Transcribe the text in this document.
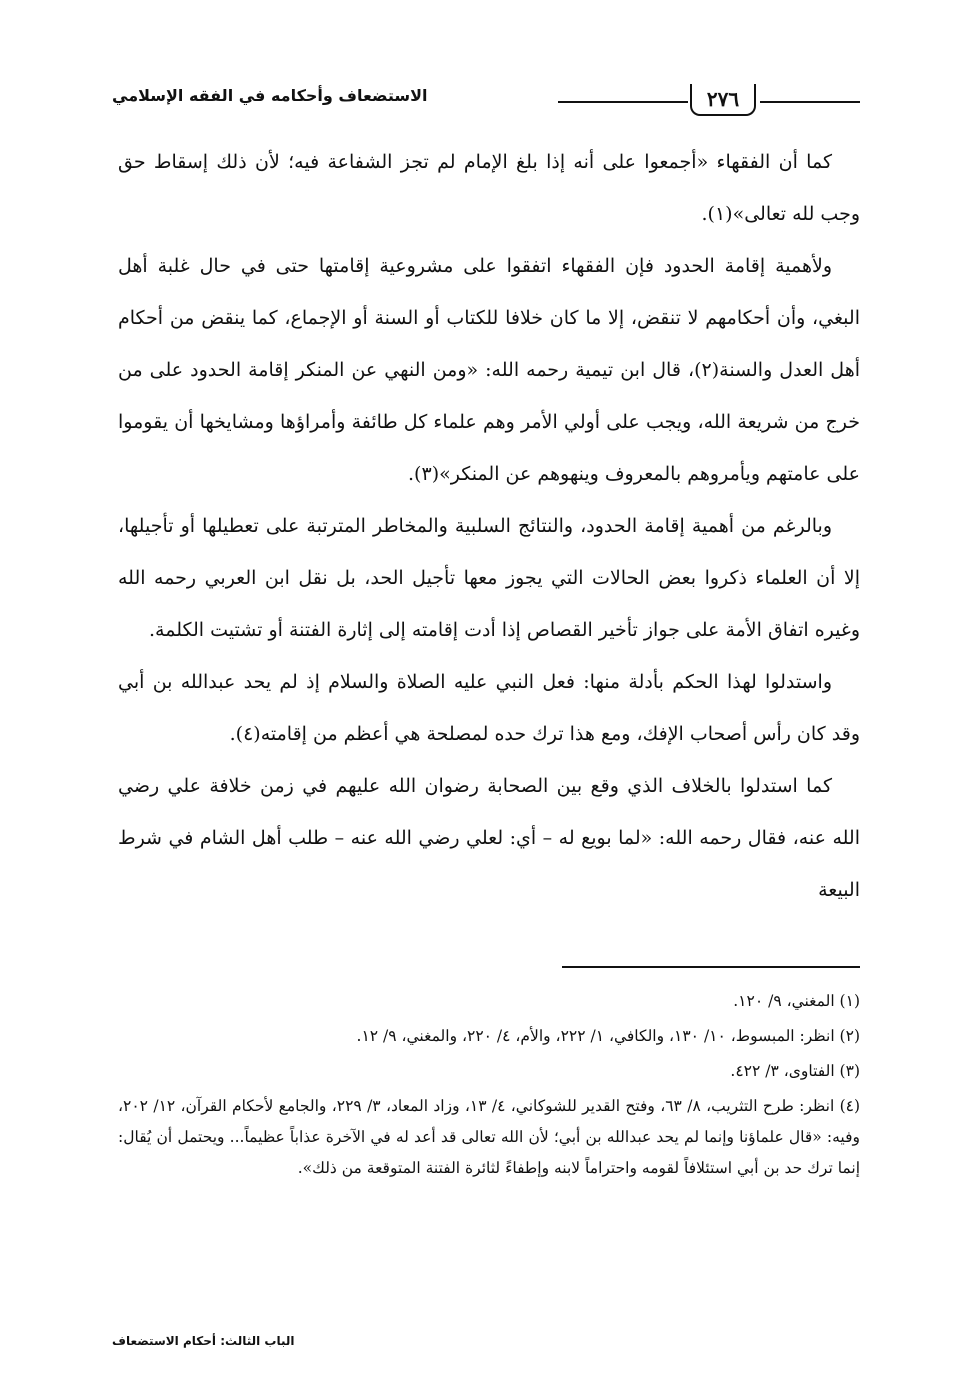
٢٧٦
الاستضعاف وأحكامه في الفقه الإسلامي

كما أن الفقهاء «أجمعوا على أنه إذا بلغ الإمام لم تجز الشفاعة فيه؛ لأن ذلك إسقاط حق وجب لله تعالى»(١).

ولأهمية إقامة الحدود فإن الفقهاء اتفقوا على مشروعية إقامتها حتى في حال غلبة أهل البغي، وأن أحكامهم لا تنقض، إلا ما كان خلافا للكتاب أو السنة أو الإجماع، كما ينقض من أحكام أهل العدل والسنة(٢)، قال ابن تيمية رحمه الله: «ومن النهي عن المنكر إقامة الحدود على من خرج من شريعة الله، ويجب على أولي الأمر وهم علماء كل طائفة وأمراؤها ومشايخها أن يقوموا على عامتهم ويأمروهم بالمعروف وينهوهم عن المنكر»(٣).

وبالرغم من أهمية إقامة الحدود، والنتائج السلبية والمخاطر المترتبة على تعطيلها أو تأجيلها، إلا أن العلماء ذكروا بعض الحالات التي يجوز معها تأجيل الحد، بل نقل ابن العربي رحمه الله وغيره اتفاق الأمة على جواز تأخير القصاص إذا أدت إقامته إلى إثارة الفتنة أو تشتيت الكلمة.

واستدلوا لهذا الحكم بأدلة منها: فعل النبي عليه الصلاة والسلام إذ لم يحد عبدالله بن أبي وقد كان رأس أصحاب الإفك، ومع هذا ترك حده لمصلحة هي أعظم من إقامته(٤).

كما استدلوا بالخلاف الذي وقع بين الصحابة رضوان الله عليهم في زمن خلافة علي رضي الله عنه، فقال رحمه الله: «لما بويع له – أي: لعلي رضي الله عنه – طلب أهل الشام في شرط البيعة

(١) المغني، ٩/ ١٢٠.

(٢) انظر: المبسوط، ١٠/ ١٣٠، والكافي، ١/ ٢٢٢، والأم، ٤/ ٢٢٠، والمغني، ٩/ ١٢.

(٣) الفتاوى، ٣/ ٤٢٢.

(٤) انظر: طرح التثريب، ٨/ ٦٣، وفتح القدير للشوكاني، ٤/ ١٣، وزاد المعاد، ٣/ ٢٢٩، والجامع لأحكام القرآن، ١٢/ ٢٠٢، وفيه: «قال علماؤنا وإنما لم يحد عبدالله بن أبي؛ لأن الله تعالى قد أعد له في الآخرة عذاباً عظيماً... ويحتمل أن يُقال: إنما ترك حد بن أبي استئلافاً لقومه واحتراماً لابنه وإطفاءً لثائرة الفتنة المتوقعة من ذلك».

الباب الثالث: أحكام الاستضعاف
